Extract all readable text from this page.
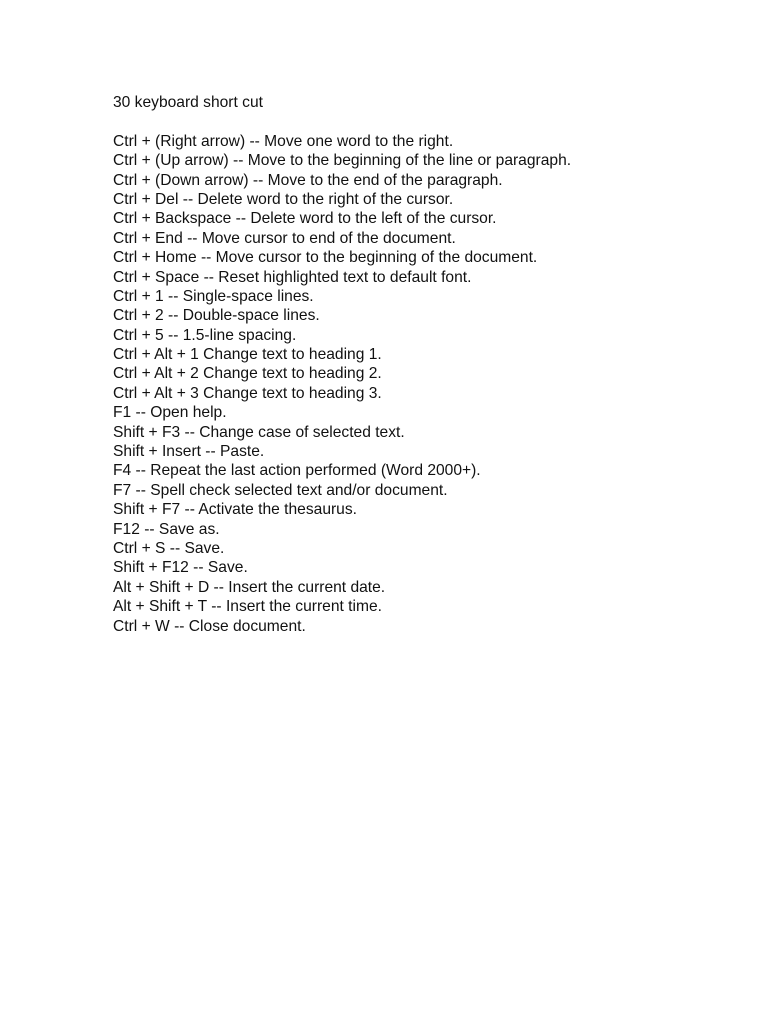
30 keyboard short cut
Ctrl + (Right arrow) -- Move one word to the right.
Ctrl + (Up arrow) -- Move to the beginning of the line or paragraph.
Ctrl + (Down arrow) -- Move to the end of the paragraph.
Ctrl + Del -- Delete word to the right of the cursor.
Ctrl + Backspace -- Delete word to the left of the cursor.
Ctrl + End -- Move cursor to end of the document.
Ctrl + Home -- Move cursor to the beginning of the document.
Ctrl + Space -- Reset highlighted text to default font.
Ctrl + 1 -- Single-space lines.
Ctrl + 2 -- Double-space lines.
Ctrl + 5 -- 1.5-line spacing.
Ctrl + Alt + 1 Change text to heading 1.
Ctrl + Alt + 2 Change text to heading 2.
Ctrl + Alt + 3 Change text to heading 3.
F1 -- Open help.
Shift + F3 -- Change case of selected text.
Shift + Insert -- Paste.
F4 -- Repeat the last action performed (Word 2000+).
F7 -- Spell check selected text and/or document.
Shift + F7 -- Activate the thesaurus.
F12 -- Save as.
Ctrl + S -- Save.
Shift + F12 -- Save.
Alt + Shift + D -- Insert the current date.
Alt + Shift + T -- Insert the current time.
Ctrl + W -- Close document.
